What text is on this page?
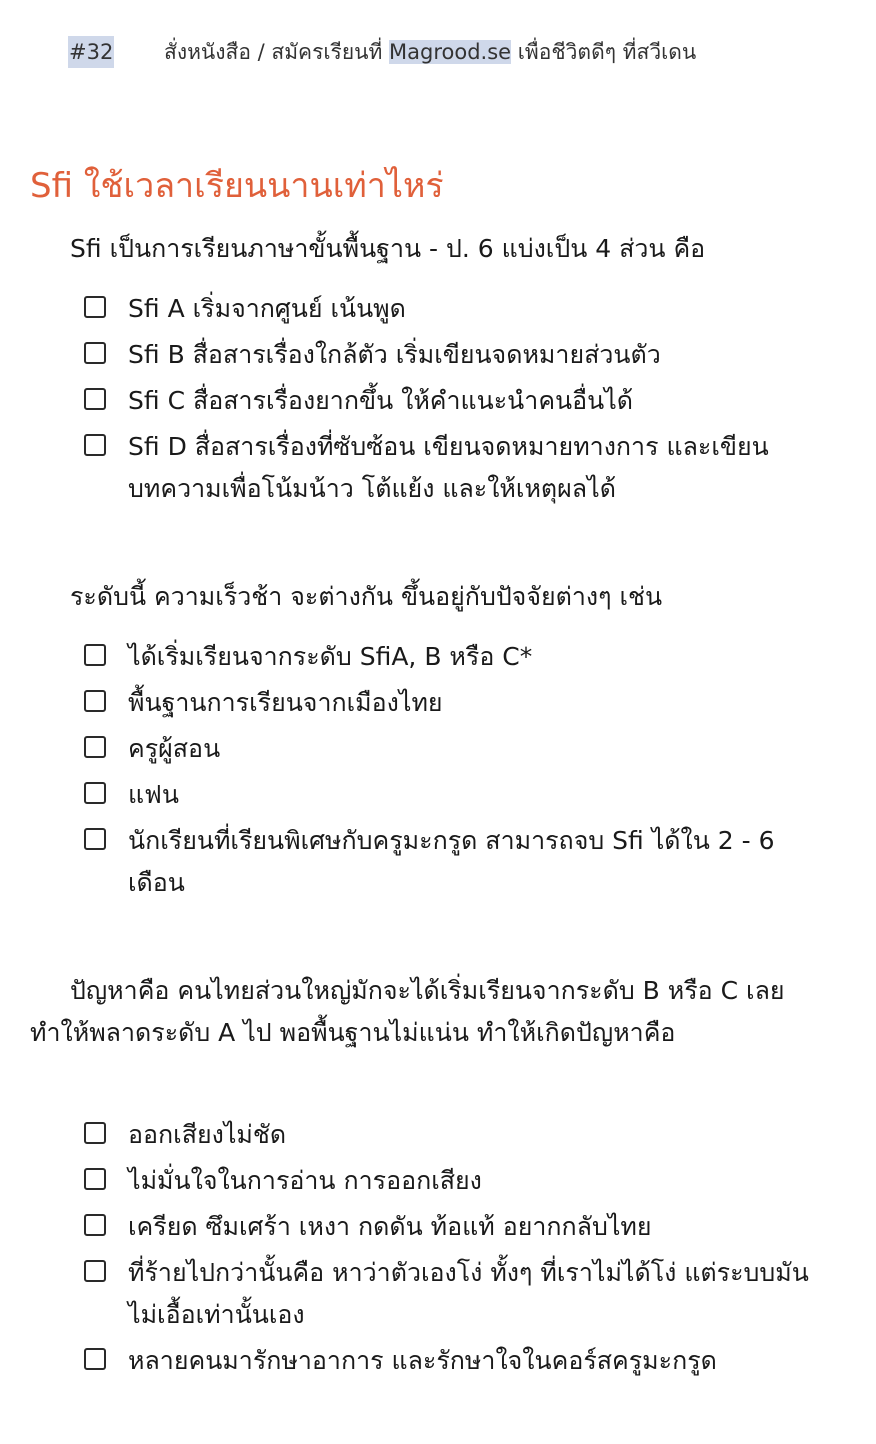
#32 สั่งหนังสือ / สมัครเรียนที่ Magrood.se เพื่อชีวิตดีๆ ที่สวีเดน
Sfi ใช้เวลาเรียนนานเท่าไหร่

Sfi เป็นการเรียนภาษาขั้นพื้นฐาน - ป. 6 แบ่งเป็น 4 ส่วน คือ

Sfi A เริ่มจากศูนย์ เน้นพูด
Sfi B สื่อสารเรื่องใกล้ตัว เริ่มเขียนจดหมายส่วนตัว
Sfi C สื่อสารเรื่องยากขึ้น ให้คำแนะนำคนอื่นได้
Sfi D สื่อสารเรื่องที่ซับซ้อน เขียนจดหมายทางการ และเขียนบทความเพื่อโน้มน้าว โต้แย้ง และให้เหตุผลได้

ระดับนี้ ความเร็วช้า จะต่างกัน ขึ้นอยู่กับปัจจัยต่างๆ เช่น

ได้เริ่มเรียนจากระดับ SfiA, B หรือ C*
พื้นฐานการเรียนจากเมืองไทย
ครูผู้สอน
แฟน
นักเรียนที่เรียนพิเศษกับครูมะกรูด สามารถจบ Sfi ได้ใน 2 - 6 เดือน

ปัญหาคือ คนไทยส่วนใหญ่มักจะได้เริ่มเรียนจากระดับ B หรือ C เลย ทำให้พลาดระดับ A ไป พอพื้นฐานไม่แน่น ทำให้เกิดปัญหาคือ

ออกเสียงไม่ชัด
ไม่มั่นใจในการอ่าน การออกเสียง
เครียด ซึมเศร้า เหงา กดดัน ท้อแท้ อยากกลับไทย
ที่ร้ายไปกว่านั้นคือ หาว่าตัวเองโง่ ทั้งๆ ที่เราไม่ได้โง่ แต่ระบบมันไม่เอื้อเท่านั้นเอง
หลายคนมารักษาอาการ และรักษาใจในคอร์สครูมะกรูด
